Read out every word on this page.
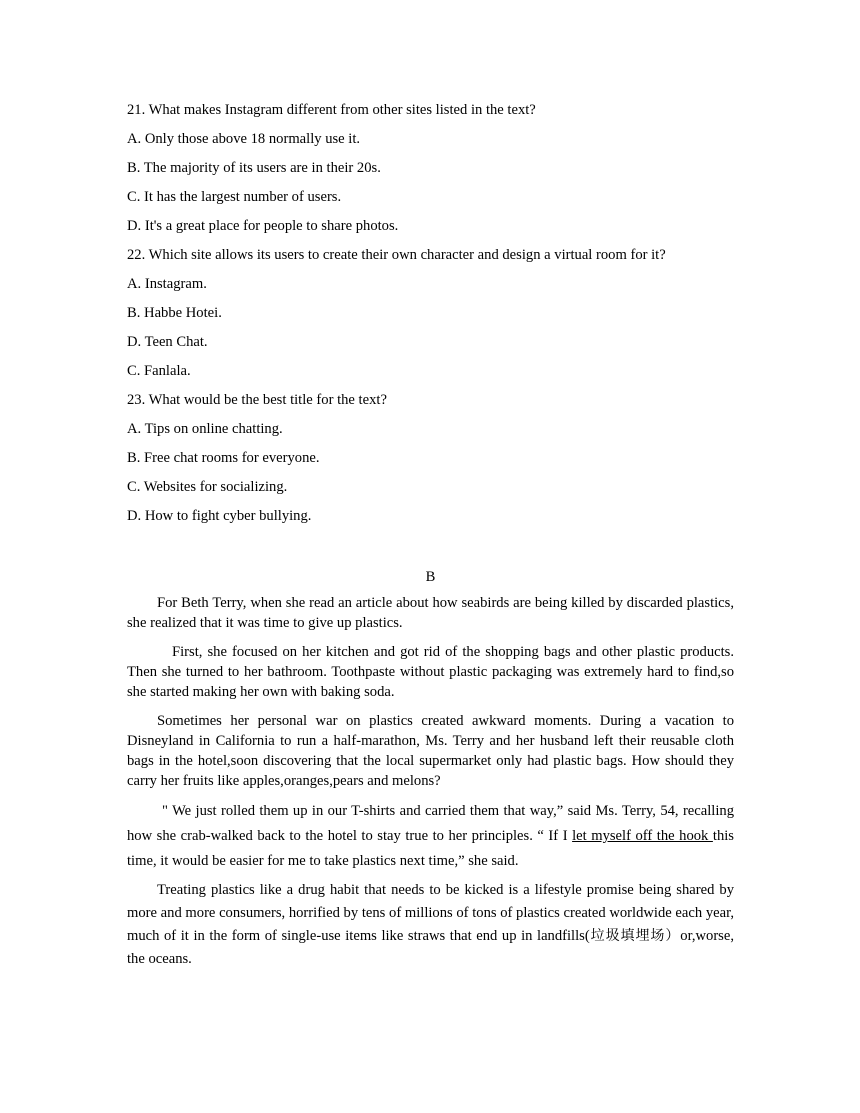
21. What makes Instagram different from other sites listed in the text?

A. Only those above 18 normally use it.

B. The majority of its users are in their 20s.

C. It has the largest number of users.

D. It's a great place for people to share photos.

22. Which site allows its users to create their own character and design a virtual room for it?

A. Instagram.

B. Habbe Hotei.

D. Teen Chat.

C. Fanlala.

23. What would be the best title for the text?

A. Tips on online chatting.

B. Free chat rooms for everyone.

C. Websites for socializing.

D. How to fight cyber bullying.

B

For Beth Terry, when she read an article about how seabirds are being killed by discarded plastics, she realized that it was time to give up plastics.

First, she focused on her kitchen and got rid of the shopping bags and other plastic products. Then she turned to her bathroom. Toothpaste without plastic packaging was extremely hard to find,so she started making her own with baking soda.

Sometimes her personal war on plastics created awkward moments. During a vacation to Disneyland in California to run a half-marathon, Ms. Terry and her husband left their reusable cloth bags in the hotel,soon discovering that the local supermarket only had plastic bags. How should they carry her fruits like apples,oranges,pears and melons?

" We just rolled them up in our T-shirts and carried them that way,” said Ms. Terry, 54, recalling how she crab-walked back to the hotel to stay true to her principles. “ If I let myself off the hook this time, it would be easier for me to take plastics next time,” she said.

Treating plastics like a drug habit that needs to be kicked is a lifestyle promise being shared by more and more consumers, horrified by tens of millions of tons of plastics created worldwide each year, much of it in the form of single-use items like straws that end up in landfills(垃圾填埋场）or,worse, the oceans.
